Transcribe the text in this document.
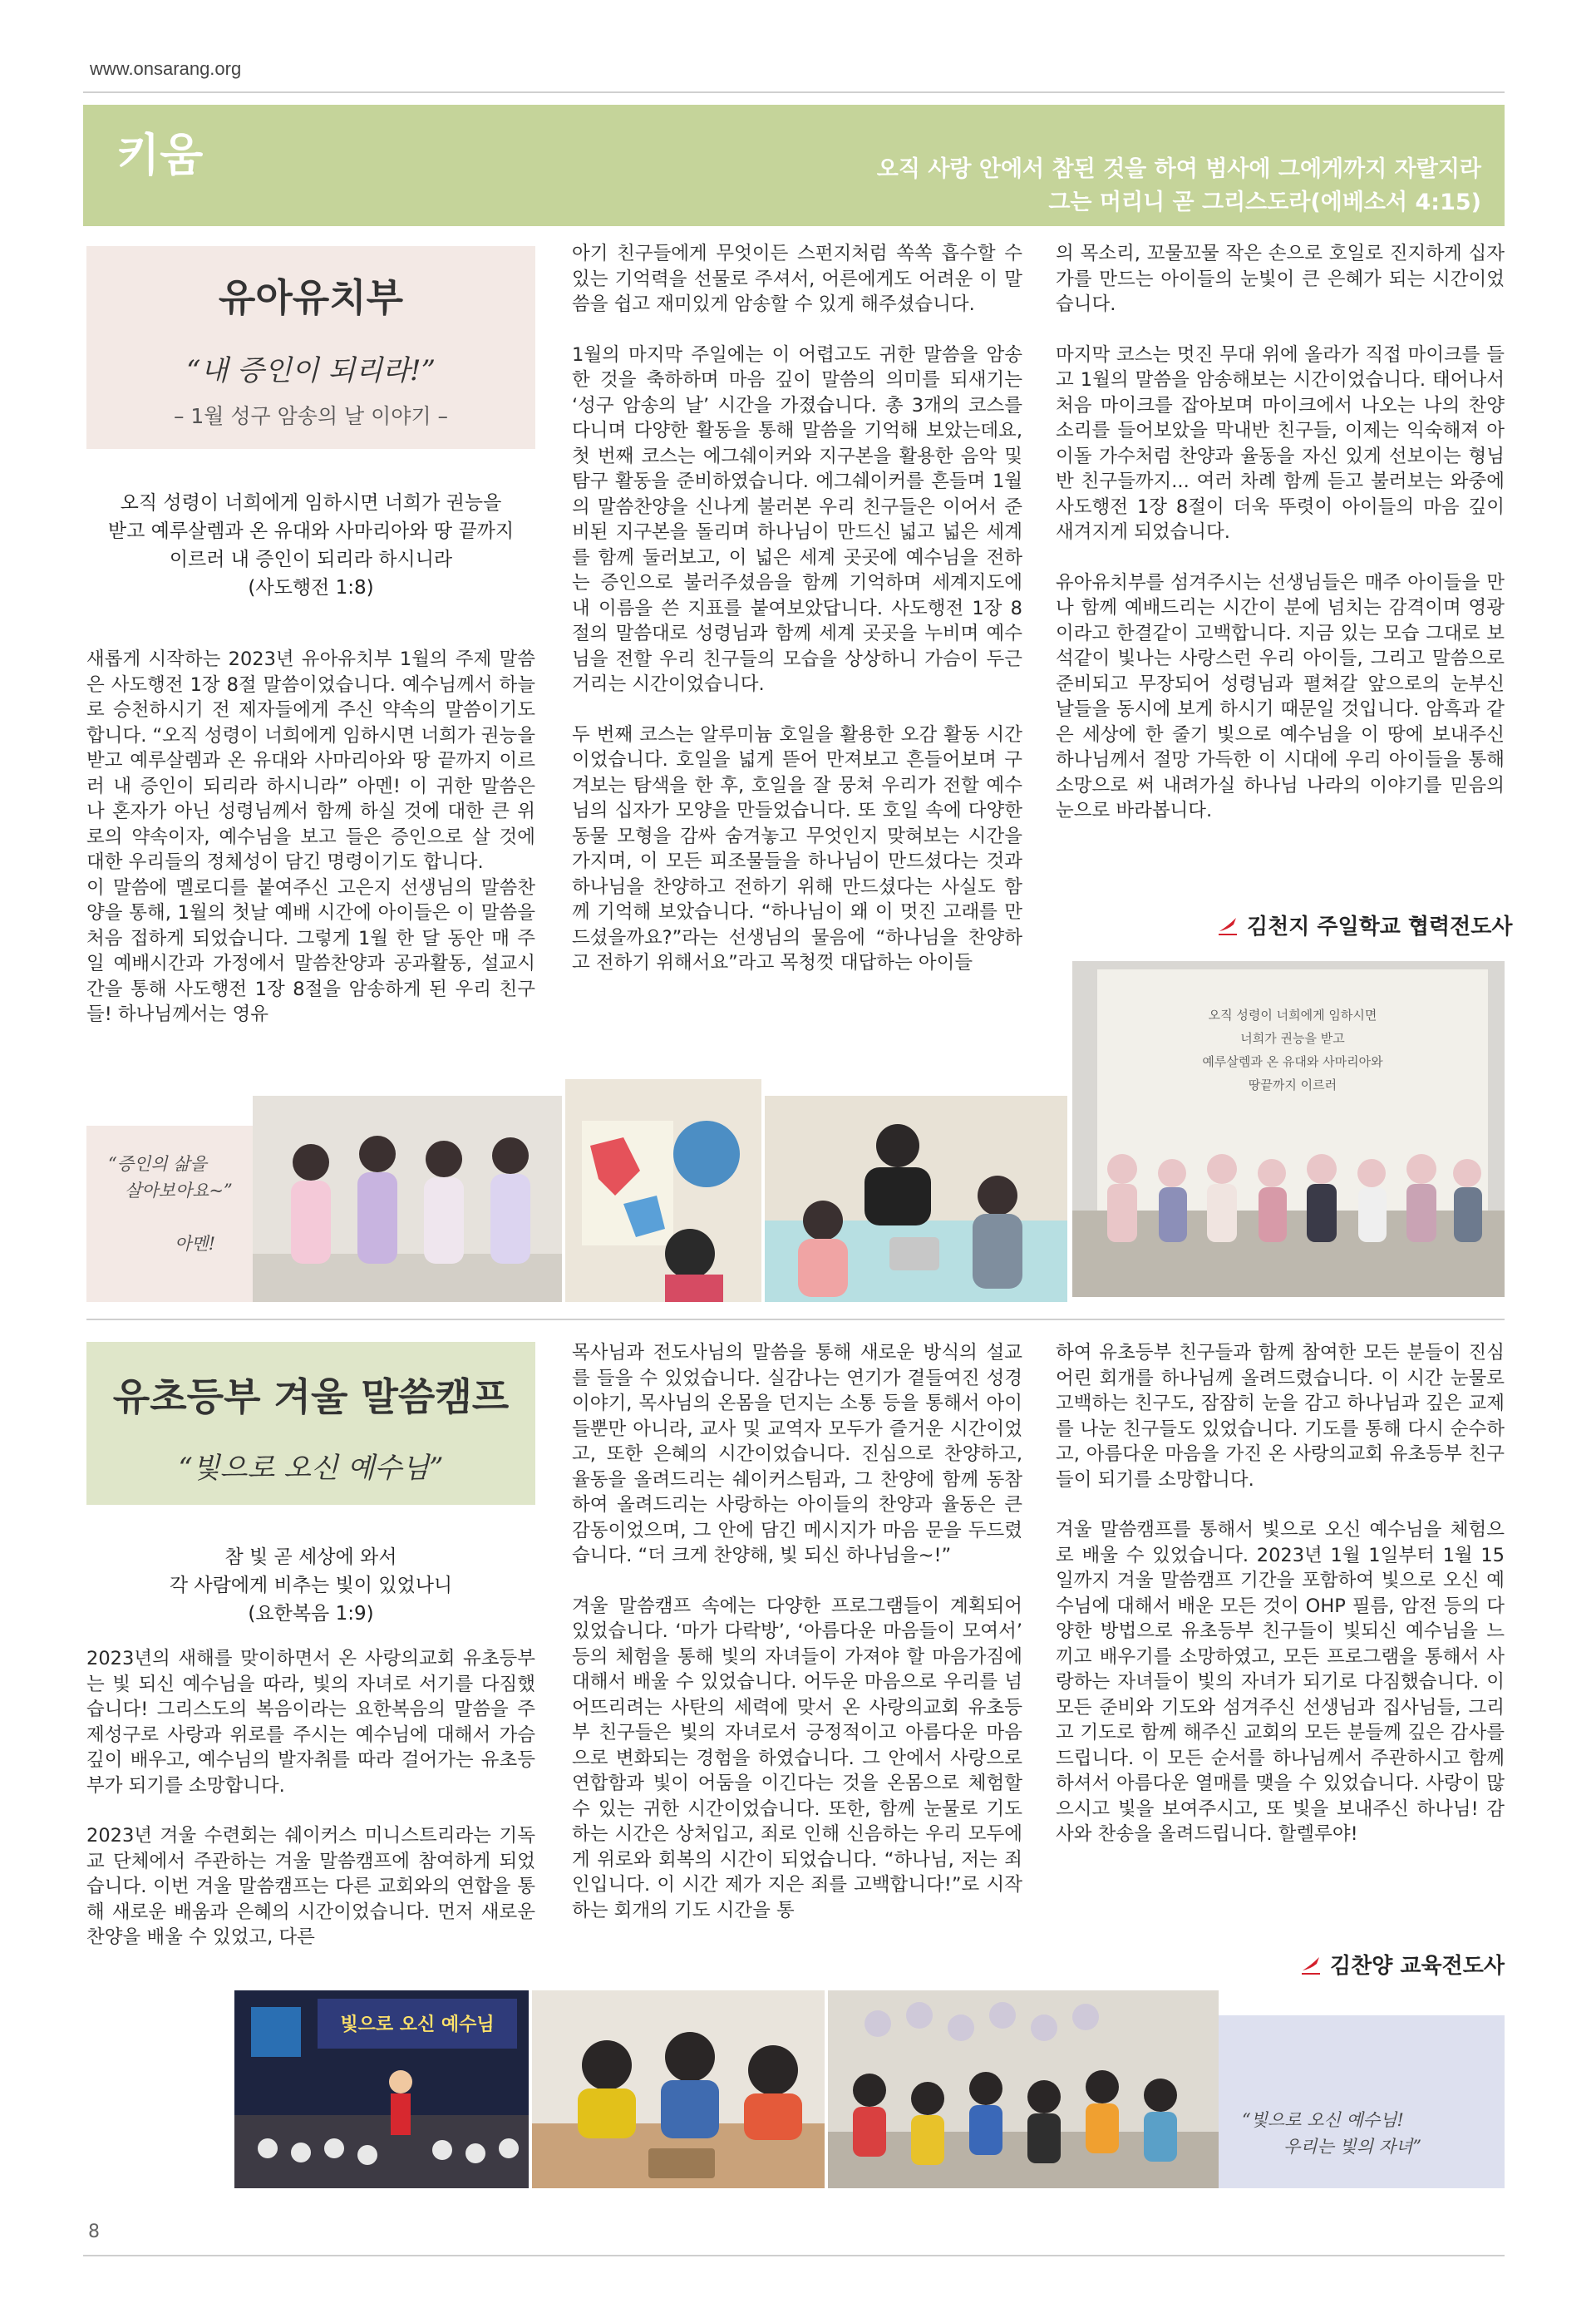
www.onsarang.org
키움	오직 사랑 안에서 참된 것을 하여 범사에 그에게까지 자랄지라
그는 머리니 곧 그리스도라(에베소서 4:15)
유아유치부
“내 증인이 되리라!”
– 1월 성구 암송의 날 이야기 –
오직 성령이 너희에게 임하시면 너희가 권능을
받고 예루살렘과 온 유대와 사마리아와 땅 끝까지
이르러 내 증인이 되리라 하시니라
(사도행전 1:8)

새롭게 시작하는 2023년 유아유치부 1월의 주제 말씀은 사도행전 1장 8절 말씀이었습니다. 예수님께서 하늘로 승천하시기 전 제자들에게 주신 약속의 말씀이기도 합니다. “오직 성령이 너희에게 임하시면 너희가 권능을 받고 예루살렘과 온 유대와 사마리아와 땅 끝까지 이르러 내 증인이 되리라 하시니라” 아멘! 이 귀한 말씀은 나 혼자가 아닌 성령님께서 함께 하실 것에 대한 큰 위로의 약속이자, 예수님을 보고 들은 증인으로 살 것에 대한 우리들의 정체성이 담긴 명령이기도 합니다.

이 말씀에 멜로디를 붙여주신 고은지 선생님의 말씀찬양을 통해, 1월의 첫날 예배 시간에 아이들은 이 말씀을 처음 접하게 되었습니다. 그렇게 1월 한 달 동안 매 주일 예배시간과 가정에서 말씀찬양과 공과활동, 설교시간을 통해 사도행전 1장 8절을 암송하게 된 우리 친구들! 하나님께서는 영유

아기 친구들에게 무엇이든 스펀지처럼 쏙쏙 흡수할 수 있는 기억력을 선물로 주셔서, 어른에게도 어려운 이 말씀을 쉽고 재미있게 암송할 수 있게 해주셨습니다.

1월의 마지막 주일에는 이 어렵고도 귀한 말씀을 암송한 것을 축하하며 마음 깊이 말씀의 의미를 되새기는 ‘성구 암송의 날’ 시간을 가졌습니다. 총 3개의 코스를 다니며 다양한 활동을 통해 말씀을 기억해 보았는데요, 첫 번째 코스는 에그쉐이커와 지구본을 활용한 음악 및 탐구 활동을 준비하였습니다. 에그쉐이커를 흔들며 1월의 말씀찬양을 신나게 불러본 우리 친구들은 이어서 준비된 지구본을 돌리며 하나님이 만드신 넓고 넓은 세계를 함께 둘러보고, 이 넓은 세계 곳곳에 예수님을 전하는 증인으로 불러주셨음을 함께 기억하며 세계지도에 내 이름을 쓴 지표를 붙여보았답니다. 사도행전 1장 8절의 말씀대로 성령님과 함께 세계 곳곳을 누비며 예수님을 전할 우리 친구들의 모습을 상상하니 가슴이 두근거리는 시간이었습니다.

두 번째 코스는 알루미늄 호일을 활용한 오감 활동 시간이었습니다. 호일을 넓게 뜯어 만져보고 흔들어보며 구겨보는 탐색을 한 후, 호일을 잘 뭉쳐 우리가 전할 예수님의 십자가 모양을 만들었습니다. 또 호일 속에 다양한 동물 모형을 감싸 숨겨놓고 무엇인지 맞혀보는 시간을 가지며, 이 모든 피조물들을 하나님이 만드셨다는 것과 하나님을 찬양하고 전하기 위해 만드셨다는 사실도 함께 기억해 보았습니다. “하나님이 왜 이 멋진 고래를 만드셨을까요?”라는 선생님의 물음에 “하나님을 찬양하고 전하기 위해서요”라고 목청껏 대답하는 아이들

의 목소리, 꼬물꼬물 작은 손으로 호일로 진지하게 십자가를 만드는 아이들의 눈빛이 큰 은혜가 되는 시간이었습니다.

마지막 코스는 멋진 무대 위에 올라가 직접 마이크를 들고 1월의 말씀을 암송해보는 시간이었습니다. 태어나서 처음 마이크를 잡아보며 마이크에서 나오는 나의 찬양소리를 들어보았을 막내반 친구들, 이제는 익숙해져 아이돌 가수처럼 찬양과 율동을 자신 있게 선보이는 형님반 친구들까지... 여러 차례 함께 듣고 불러보는 와중에 사도행전 1장 8절이 더욱 뚜렷이 아이들의 마음 깊이 새겨지게 되었습니다.

유아유치부를 섬겨주시는 선생님들은 매주 아이들을 만나 함께 예배드리는 시간이 분에 넘치는 감격이며 영광이라고 한결같이 고백합니다. 지금 있는 모습 그대로 보석같이 빛나는 사랑스런 우리 아이들, 그리고 말씀으로 준비되고 무장되어 성령님과 펼쳐갈 앞으로의 눈부신 날들을 동시에 보게 하시기 때문일 것입니다. 암흑과 같은 세상에 한 줄기 빛으로 예수님을 이 땅에 보내주신 하나님께서 절망 가득한 이 시대에 우리 아이들을 통해 소망으로 써 내려가실 하나님 나라의 이야기를 믿음의 눈으로 바라봅니다.

김천지 주일학교 협력전도사
오직 성령이 너희에게 임하시면
너희가 권능을 받고
예루살렘과 온 유대와 사마리아와
땅끝까지 이르러
“증인의 삶을
살아보아요~”
아멘!
유초등부 겨울 말씀캠프
“빛으로 오신 예수님”
참 빛 곧 세상에 와서
각 사람에게 비추는 빛이 있었나니
(요한복음 1:9)

2023년의 새해를 맞이하면서 온 사랑의교회 유초등부는 빛 되신 예수님을 따라, 빛의 자녀로 서기를 다짐했습니다! 그리스도의 복음이라는 요한복음의 말씀을 주제성구로 사랑과 위로를 주시는 예수님에 대해서 가슴 깊이 배우고, 예수님의 발자취를 따라 걸어가는 유초등부가 되기를 소망합니다.

2023년 겨울 수련회는 쉐이커스 미니스트리라는 기독교 단체에서 주관하는 겨울 말씀캠프에 참여하게 되었습니다. 이번 겨울 말씀캠프는 다른 교회와의 연합을 통해 새로운 배움과 은혜의 시간이었습니다. 먼저 새로운 찬양을 배울 수 있었고, 다른

목사님과 전도사님의 말씀을 통해 새로운 방식의 설교를 들을 수 있었습니다. 실감나는 연기가 곁들여진 성경 이야기, 목사님의 온몸을 던지는 소통 등을 통해서 아이들뿐만 아니라, 교사 및 교역자 모두가 즐거운 시간이었고, 또한 은혜의 시간이었습니다. 진심으로 찬양하고, 율동을 올려드리는 쉐이커스팀과, 그 찬양에 함께 동참하여 올려드리는 사랑하는 아이들의 찬양과 율동은 큰 감동이었으며, 그 안에 담긴 메시지가 마음 문을 두드렸습니다. “더 크게 찬양해, 빛 되신 하나님을~!”

겨울 말씀캠프 속에는 다양한 프로그램들이 계획되어 있었습니다. ‘마가 다락방’, ‘아름다운 마음들이 모여서’ 등의 체험을 통해 빛의 자녀들이 가져야 할 마음가짐에 대해서 배울 수 있었습니다. 어두운 마음으로 우리를 넘어뜨리려는 사탄의 세력에 맞서 온 사랑의교회 유초등부 친구들은 빛의 자녀로서 긍정적이고 아름다운 마음으로 변화되는 경험을 하였습니다. 그 안에서 사랑으로 연합함과 빛이 어둠을 이긴다는 것을 온몸으로 체험할 수 있는 귀한 시간이었습니다. 또한, 함께 눈물로 기도하는 시간은 상처입고, 죄로 인해 신음하는 우리 모두에게 위로와 회복의 시간이 되었습니다. “하나님, 저는 죄인입니다. 이 시간 제가 지은 죄를 고백합니다!”로 시작하는 회개의 기도 시간을 통

하여 유초등부 친구들과 함께 참여한 모든 분들이 진심어린 회개를 하나님께 올려드렸습니다. 이 시간 눈물로 고백하는 친구도, 잠잠히 눈을 감고 하나님과 깊은 교제를 나눈 친구들도 있었습니다. 기도를 통해 다시 순수하고, 아름다운 마음을 가진 온 사랑의교회 유초등부 친구들이 되기를 소망합니다.

겨울 말씀캠프를 통해서 빛으로 오신 예수님을 체험으로 배울 수 있었습니다. 2023년 1월 1일부터 1월 15일까지 겨울 말씀캠프 기간을 포함하여 빛으로 오신 예수님에 대해서 배운 모든 것이 OHP 필름, 암전 등의 다양한 방법으로 유초등부 친구들이 빛되신 예수님을 느끼고 배우기를 소망하였고, 모든 프로그램을 통해서 사랑하는 자녀들이 빛의 자녀가 되기로 다짐했습니다. 이 모든 준비와 기도와 섬겨주신 선생님과 집사님들, 그리고 기도로 함께 해주신 교회의 모든 분들께 깊은 감사를 드립니다. 이 모든 순서를 하나님께서 주관하시고 함께 하셔서 아름다운 열매를 맺을 수 있었습니다. 사랑이 많으시고 빛을 보여주시고, 또 빛을 보내주신 하나님! 감사와 찬송을 올려드립니다. 할렐루야!

김찬양 교육전도사
빛으로 오신 예수님
“빛으로 오신 예수님!
우리는 빛의 자녀”
8
